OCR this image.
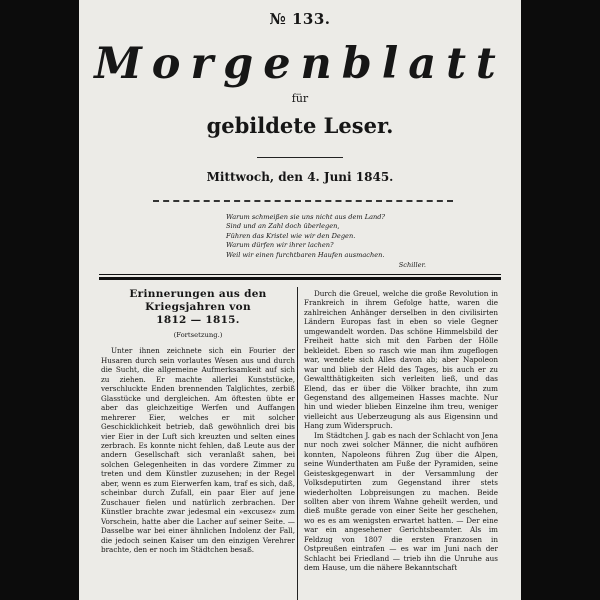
№ 133.
Morgenblatt
für
gebildete Leser.
Mittwoch, den 4. Juni 1845.
Warum schmeißen sie uns nicht aus dem Land?
Sind und an Zahl doch überlegen,
Führen das Kristel wie wir den Degen.
Warum dürfen wir ihrer lachen?
Weil wir einen furchtbaren Haufen ausmachen.
Schiller.
Erinnerungen aus den Kriegsjahren von
1812 — 1815.
(Fortsetzung.)

Unter ihnen zeichnete sich ein Fourier der Husaren durch sein vorlautes Wesen aus und durch die Sucht, die allgemeine Aufmerksamkeit auf sich zu ziehen. Er machte allerlei Kunststücke, verschluckte Enden brennenden Talglichtes, zerbiß Glasstücke und dergleichen. Am öftesten übte er aber das gleichzeitige Werfen und Auffangen mehrerer Eier, welches er mit solcher Geschicklichkeit betrieb, daß gewöhnlich drei bis vier Eier in der Luft sich kreuzten und selten eines zerbrach. Es konnte nicht fehlen, daß Leute aus der andern Gesellschaft sich veranlaßt sahen, bei solchen Gelegenheiten in das vordere Zimmer zu treten und dem Künstler zuzusehen; in der Regel aber, wenn es zum Eierwerfen kam, traf es sich, daß, scheinbar durch Zufall, ein paar Eier auf jene Zuschauer fielen und natürlich zerbrachen. Der Künstler brachte zwar jedesmal ein »excusez« zum Vorschein, hatte aber die Lacher auf seiner Seite. — Dasselbe war bei einer ähnlichen Indolenz der Fall, die jedoch seinen Kaiser um den einzigen Verehrer brachte, den er noch im Städtchen besaß.

Durch die Greuel, welche die große Revolution in Frankreich in ihrem Gefolge hatte, waren die zahlreichen Anhänger derselben in den civilisirten Ländern Europas fast in eben so viele Gegner umgewandelt worden. Das schöne Himmelsbild der Freiheit hatte sich mit den Farben der Hölle bekleidet. Eben so rasch wie man ihm zugeflogen war, wendete sich Alles davon ab; aber Napoleon war und blieb der Held des Tages, bis auch er zu Gewaltthätigkeiten sich verleiten ließ, und das Elend, das er über die Völker brachte, ihn zum Gegenstand des allgemeinen Hasses machte. Nur hin und wieder blieben Einzelne ihm treu, weniger vielleicht aus Ueberzeugung als aus Eigensinn und Hang zum Widerspruch.

Im Städtchen J. gab es nach der Schlacht von Jena nur noch zwei solcher Männer, die nicht aufhören konnten, Napoleons führen Zug über die Alpen, seine Wunderthaten am Fuße der Pyramiden, seine Geisteskgegenwart in der Versammlung der Volksdeputirten zum Gegenstand ihrer stets wiederholten Lobpreisungen zu machen. Beide sollten aber von ihrem Wahne geheilt werden, und dieß mußte gerade von einer Seite her geschehen, wo es es am wenigsten erwartet hatten. — Der eine war ein angesehener Gerichtsbeamter. Als im Feldzug von 1807 die ersten Franzosen in Ostpreußen eintrafen — es war im Juni nach der Schlacht bei Friedland — trieb ihn die Unruhe aus dem Hause, um die nähere Bekanntschaft
